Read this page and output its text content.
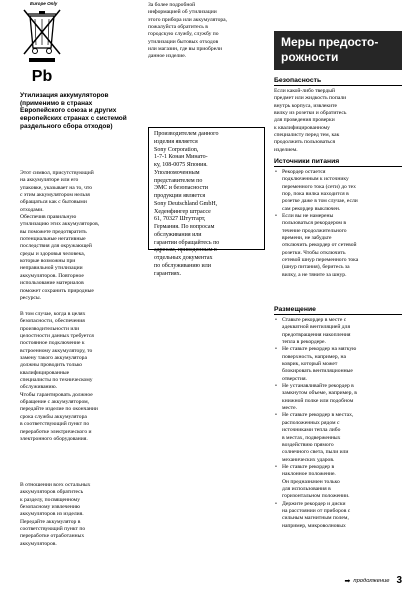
Pb
Europe Only
Утилизация аккумуляторов (применимо в странах Европейского союза и других европейских странах с системой раздельного сбора отходов)
Этот символ, присутствующий
на аккумуляторе или его
упаковке, указывает на то, что
с этим аккумулятором нельзя
обращаться как с бытовыми
отходами.
Обеспечив правильную
утилизацию этих аккумуляторов,
вы поможете предотвратить
потенциальные негативные
последствия для окружающей
среды и здоровья человека,
которые возможны при
неправильной утилизации
аккумуляторов. Повторное
использование материалов
поможет сохранить природные
ресурсы.
В том случае, когда в целях
безопасности, обеспечения
производительности или
целостности данных требуется
постоянное подключение к
встроенному аккумулятору, то
замену такого аккумулятора
должны проводить только
квалифицированные
специалисты по техническому
обслуживанию.
Чтобы гарантировать должное
обращение с аккумулятором,
передайте изделие по окончании
срока службы аккумулятора
в соответствующий пункт по
переработке электрического и
электронного оборудования.
В отношении всех остальных
аккумуляторов обратитесь
к разделу, посвященному
безопасному извлечению
аккумуляторов из изделия.
Передайте аккумулятор в
соответствующий пункт по
переработке отработанных
аккумуляторов.
За более подробной
информацией об утилизации
этого прибора или аккумулятора,
пожалуйста обратитесь в
городскую службу, службу по
утилизации бытовых отходов
или магазин, где вы приобрели
данное изделие.

Производителем данного

изделия является

Sony Corporation,

1-7-1 Конан Минато-

ку, 108-0075 Япония.

Уполномоченным

представителем по

ЭМС и безопасности

продукции является

Sony Deutschland GmbH,

Хеденфингер штрассе

61, 70327 Штутгарт,

Германия. По вопросам

обслуживания или

гарантии обращайтесь по

адресам, приведенным в

отдельных документах

по обслуживанию или

гарантиях.

Меры предосто-
рожности
Безопасность
Если какой-либо твердый
предмет или жидкость попали
внутрь корпуса, извлеките
вилку из розетки и обратитесь
для проведения проверки
к квалифицированному
специалисту перед тем, как
продолжить пользоваться
изделием.
Источники питания
• Рекордер остается
подключенным к источнику
переменного тока (сети) до тех
пор, пока вилка находится в
розетке даже в том случае, если
сам рекордер выключен.
• Если вы не намерены
пользоваться рекордером в
течение продолжительного
времени, не забудьте
отключить рекордер от сетевой
розетки. Чтобы отключить
сетевой шнур переменного тока
(шнур питания), беритесь за
вилку, а не тяните за шнур.
Размещение
• Ставьте рекордер в месте с
адекватной вентиляцией для
предотвращения накопления
тепла в рекордере.
• Не ставьте рекордер на мягкую
поверхность, например, на
коврик, который может
блокировать вентиляционные
отверстия.
• Не устанавливайте рекордер в
замкнутом объеме, например, в
книжной полке или подобном
месте.
• Не ставьте рекордер в местах,
расположенных рядом с
источниками тепла либо
в местах, подверженных
воздействию прямого
солнечного света, пыли или
механических ударов.
• Не ставьте рекордер в
наклонное положение.
Он предназначен только
для использования в
горизонтальном положении.
• Держите рекордер и диски
на расстоянии от приборов с
сильным магнитным полем,
например, микроволновых
➡ продолжение 3
